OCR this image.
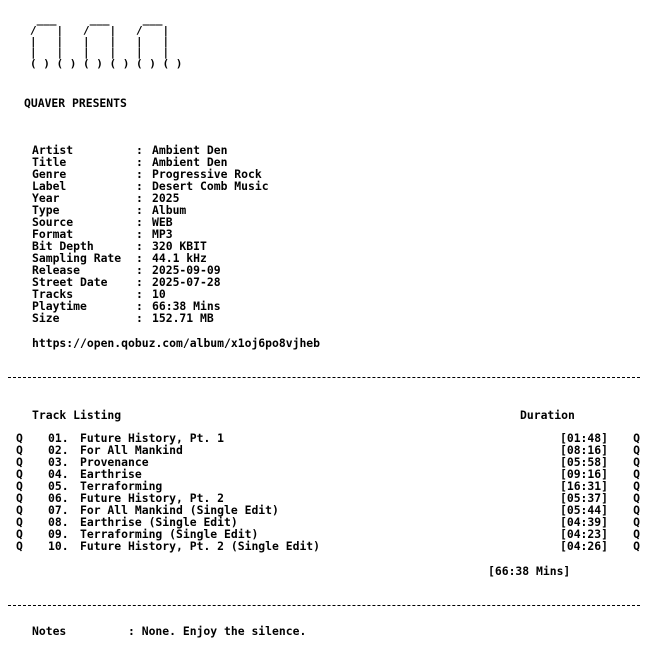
___     ___     ___
/   |   /   |   /   |
|   |   |   |   |   |
|   |   |   |   |   |
( ) ( ) ( ) ( ) ( ) ( )
QUAVER PRESENTS
Artist	: Ambient Den
Title	: Ambient Den
Genre	: Progressive Rock
Label	: Desert Comb Music
Year	: 2025
Type	: Album
Source	: WEB
Format	: MP3
Bit Depth	: 320 KBIT
Sampling Rate : 44.1 kHz
Release	: 2025-09-09
Street Date	: 2025-07-28
Tracks	: 10
Playtime	: 66:38 Mins
Size	: 152.71 MB
https://open.qobuz.com/album/x1oj6po8vjheb
Track Listing	Duration
Q 01. Future History, Pt. 1	[01:48] Q
Q 02. For All Mankind	[08:16] Q
Q 03. Provenance	[05:58] Q
Q 04. Earthrise	[09:16] Q
Q 05. Terraforming	[16:31] Q
Q 06. Future History, Pt. 2	[05:37] Q
Q 07. For All Mankind (Single Edit)	[05:44] Q
Q 08. Earthrise (Single Edit)	[04:39] Q
Q 09. Terraforming (Single Edit)	[04:23] Q
Q 10. Future History, Pt. 2 (Single Edit)	[04:26] Q
[66:38 Mins]
Notes	: None. Enjoy the silence.
